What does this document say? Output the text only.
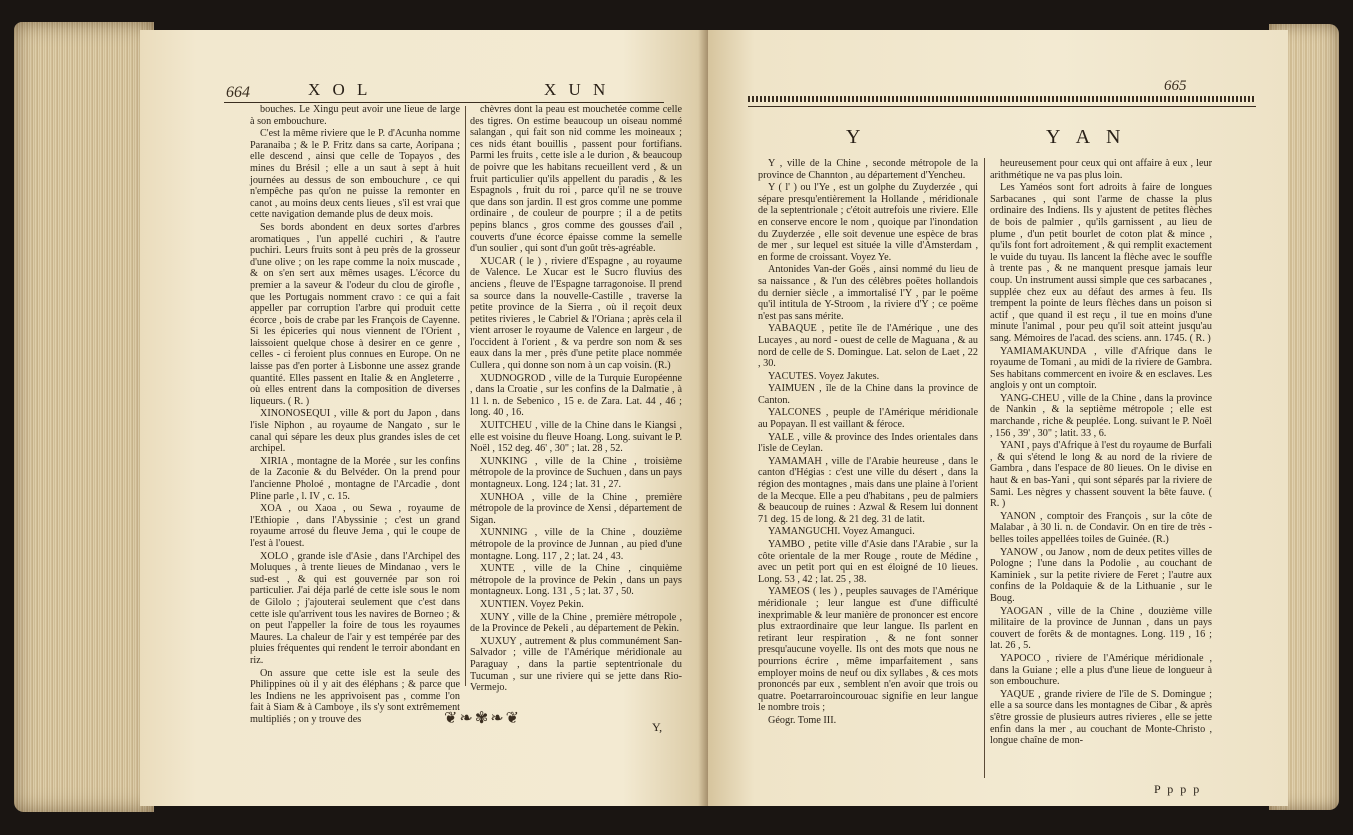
664	X O L	X U N

bouches. Le Xingu peut avoir une lieue de large à son embouchure.

C'est la même riviere que le P. d'Acunha nomme Paranaiba ; & le P. Fritz dans sa carte, Aoripana ; elle descend , ainsi que celle de Topayos , des mines du Brésil ; elle a un saut à sept à huit journées au dessus de son embouchure , ce qui n'empêche pas qu'on ne puisse la remonter en canot , au moins deux cents lieues , s'il est vrai que cette navigation demande plus de deux mois.

Ses bords abondent en deux sortes d'arbres aromatiques , l'un appellé cuchiri , & l'autre puchiri. Leurs fruits sont à peu près de la grosseur d'une olive ; on les rape comme la noix muscade , & on s'en sert aux mêmes usages. L'écorce du premier a la saveur & l'odeur du clou de girofle , que les Portugais nomment cravo : ce qui a fait appeller par corruption l'arbre qui produit cette écorce , bois de crabe par les François de Cayenne. Si les épiceries qui nous viennent de l'Orient , laissoient quelque chose à desirer en ce genre , celles - ci feroient plus connues en Europe. On ne laisse pas d'en porter à Lisbonne une assez grande quantité. Elles passent en Italie & en Angleterre , où elles entrent dans la composition de diverses liqueurs. ( R. )

XINONOSEQUI , ville & port du Japon , dans l'isle Niphon , au royaume de Nangato , sur le canal qui sépare les deux plus grandes isles de cet archipel.

XIRIA , montagne de la Morée , sur les confins de la Zaconie & du Belvéder. On la prend pour l'ancienne Pholoé , montagne de l'Arcadie , dont Pline parle , l. IV , c. 15.

XOA , ou Xaoa , ou Sewa , royaume de l'Ethiopie , dans l'Abyssinie ; c'est un grand royaume arrosé du fleuve Jema , qui le coupe de l'est à l'ouest.

XOLO , grande isle d'Asie , dans l'Archipel des Moluques , à trente lieues de Mindanao , vers le sud-est , & qui est gouvernée par son roi particulier. J'ai déja parlé de cette isle sous le nom de Gilolo ; j'ajouterai seulement que c'est dans cette isle qu'arrivent tous les navires de Borneo ; & on peut l'appeller la foire de tous les royaumes Maures. La chaleur de l'air y est tempérée par des pluies fréquentes qui rendent le terroir abondant en riz.

On assure que cette isle est la seule des Philippines où il y ait des éléphans ; & parce que les Indiens ne les apprivoisent pas , comme l'on fait à Siam & à Camboye , ils s'y sont extrêmement multipliés ; on y trouve des

chèvres dont la peau est mouchetée comme celle des tigres. On estime beaucoup un oiseau nommé salangan , qui fait son nid comme les moineaux ; ces nids étant bouillis , passent pour fortifians. Parmi les fruits , cette isle a le durion , & beaucoup de poivre que les habitans recueillent verd , & un fruit particulier qu'ils appellent du paradis , & les Espagnols , fruit du roi , parce qu'il ne se trouve que dans son jardin. Il est gros comme une pomme ordinaire , de couleur de pourpre ; il a de petits pepins blancs , gros comme des gousses d'ail , couverts d'une écorce épaisse comme la semelle d'un soulier , qui sont d'un goût très-agréable.

XUCAR ( le ) , riviere d'Espagne , au royaume de Valence. Le Xucar est le Sucro fluvius des anciens , fleuve de l'Espagne tarragonoise. Il prend sa source dans la nouvelle-Castille , traverse la petite province de la Sierra , où il reçoit deux petites rivieres , le Cabriel & l'Oriana ; après cela il vient arroser le royaume de Valence en largeur , de l'occident à l'orient , & va perdre son nom & ses eaux dans la mer , près d'une petite place nommée Cullera , qui donne son nom à un cap voisin. (R.)

XUDNOGROD , ville de la Turquie Européenne , dans la Croatie , sur les confins de la Dalmatie , à 11 l. n. de Sebenico , 15 e. de Zara. Lat. 44 , 46 ; long. 40 , 16.

XUITCHEU , ville de la Chine dans le Kiangsi , elle est voisine du fleuve Hoang. Long. suivant le P. Noël , 152 deg. 46' , 30" ; lat. 28 , 52.

XUNKING , ville de la Chine , troisième métropole de la province de Suchuen , dans un pays montagneux. Long. 124 ; lat. 31 , 27.

XUNHOA , ville de la Chine , première métropole de la province de Xensi , département de Sigan.

XUNNING , ville de la Chine , douzième métropole de la province de Junnan , au pied d'une montagne. Long. 117 , 2 ; lat. 24 , 43.

XUNTE , ville de la Chine , cinquième métropole de la province de Pekin , dans un pays montagneux. Long. 131 , 5 ; lat. 37 , 50.

XUNTIEN. Voyez Pekin.

XUNY , ville de la Chine , première métropole , de la Province de Pekeli , au département de Pekin.

XUXUY , autrement & plus communément San-Salvador ; ville de l'Amérique méridionale au Paraguay , dans la partie septentrionale du Tucuman , sur une riviere qui se jette dans Rio-Vermejo.

❦❧✾❧❦	Y,
665
Y	Y A N

Y , ville de la Chine , seconde métropole de la province de Channton , au département d'Yencheu.

Y ( l' ) ou l'Ye , est un golphe du Zuyderzée , qui sépare presqu'entièrement la Hollande , méridionale de la septentrionale ; c'étoit autrefois une riviere. Elle en conserve encore le nom , quoique par l'inondation du Zuyderzée , elle soit devenue une espèce de bras de mer , sur lequel est située la ville d'Amsterdam , en forme de croissant. Voyez Ye.

Antonides Van-der Goës , ainsi nommé du lieu de sa naissance , & l'un des célèbres poëtes hollandois du dernier siècle , a immortalisé l'Y , par le poëme qu'il intitula de Y-Stroom , la riviere d'Y ; ce poëme n'est pas sans mérite.

YABAQUE , petite île de l'Amérique , une des Lucayes , au nord - ouest de celle de Maguana , & au nord de celle de S. Domingue. Lat. selon de Laet , 22 , 30.

YACUTES. Voyez Jakutes.

YAIMUEN , île de la Chine dans la province de Canton.

YALCONES , peuple de l'Amérique méridionale au Popayan. Il est vaillant & féroce.

YALE , ville & province des Indes orientales dans l'isle de Ceylan.

YAMAMAH , ville de l'Arabie heureuse , dans le canton d'Hégias : c'est une ville du désert , dans la région des montagnes , mais dans une plaine à l'orient de la Mecque. Elle a peu d'habitans , peu de palmiers & beaucoup de ruines : Azwal & Resem lui donnent 71 deg. 15 de long. & 21 deg. 31 de latit.

YAMANGUCHI. Voyez Amanguci.

YAMBO , petite ville d'Asie dans l'Arabie , sur la côte orientale de la mer Rouge , route de Médine , avec un petit port qui en est éloigné de 10 lieues. Long. 53 , 42 ; lat. 25 , 38.

YAMEOS ( les ) , peuples sauvages de l'Amérique méridionale ; leur langue est d'une difficulté inexprimable & leur manière de prononcer est encore plus extraordinaire que leur langue. Ils parlent en retirant leur respiration , & ne font sonner presqu'aucune voyelle. Ils ont des mots que nous ne pourrions écrire , même imparfaitement , sans employer moins de neuf ou dix syllabes , & ces mots prononcés par eux , semblent n'en avoir que trois ou quatre. Poetarraroincourouac signifie en leur langue le nombre trois ;

Géogr. Tome III.

heureusement pour ceux qui ont affaire à eux , leur arithmétique ne va pas plus loin.

Les Yaméos sont fort adroits à faire de longues Sarbacanes , qui sont l'arme de chasse la plus ordinaire des Indiens. Ils y ajustent de petites flèches de bois de palmier , qu'ils garnissent , au lieu de plume , d'un petit bourlet de coton plat & mince , qu'ils font fort adroitement , & qui remplit exactement le vuide du tuyau. Ils lancent la flèche avec le souffle à trente pas , & ne manquent presque jamais leur coup. Un instrument aussi simple que ces sarbacanes , supplée chez eux au défaut des armes à feu. Ils trempent la pointe de leurs flèches dans un poison si actif , que quand il est reçu , il tue en moins d'une minute l'animal , pour peu qu'il soit atteint jusqu'au sang. Mémoires de l'acad. des sciens. ann. 1745. ( R. )

YAMIAMAKUNDA , ville d'Afrique dans le royaume de Tomani , au midi de la riviere de Gambra. Ses habitans commercent en ivoire & en esclaves. Les anglois y ont un comptoir.

YANG-CHEU , ville de la Chine , dans la province de Nankin , & la septième métropole ; elle est marchande , riche & peuplée. Long. suivant le P. Noël , 156 , 39' , 30" ; latit. 33 , 6.

YANI , pays d'Afrique à l'est du royaume de Burfali , & qui s'étend le long & au nord de la riviere de Gambra , dans l'espace de 80 lieues. On le divise en haut & en bas-Yani , qui sont séparés par la riviere de Sami. Les nègres y chassent souvent la bête fauve. ( R. )

YANON , comptoir des François , sur la côte de Malabar , à 30 li. n. de Condavir. On en tire de très - belles toiles appellées toiles de Guinée. (R.)

YANOW , ou Janow , nom de deux petites villes de Pologne ; l'une dans la Podolie , au couchant de Kaminiek , sur la petite riviere de Feret ; l'autre aux confins de la Poldaquie & de la Lithuanie , sur le Boug.

YAOGAN , ville de la Chine , douzième ville militaire de la province de Junnan , dans un pays couvert de forêts & de montagnes. Long. 119 , 16 ; lat. 26 , 5.

YAPOCO , riviere de l'Amérique méridionale , dans la Guiane ; elle a plus d'une lieue de longueur à son embouchure.

YAQUE , grande riviere de l'île de S. Domingue ; elle a sa source dans les montagnes de Cibar , & après s'être grossie de plusieurs autres rivieres , elle se jette enfin dans la mer , au couchant de Monte-Christo , longue chaîne de mon-

P p p p
